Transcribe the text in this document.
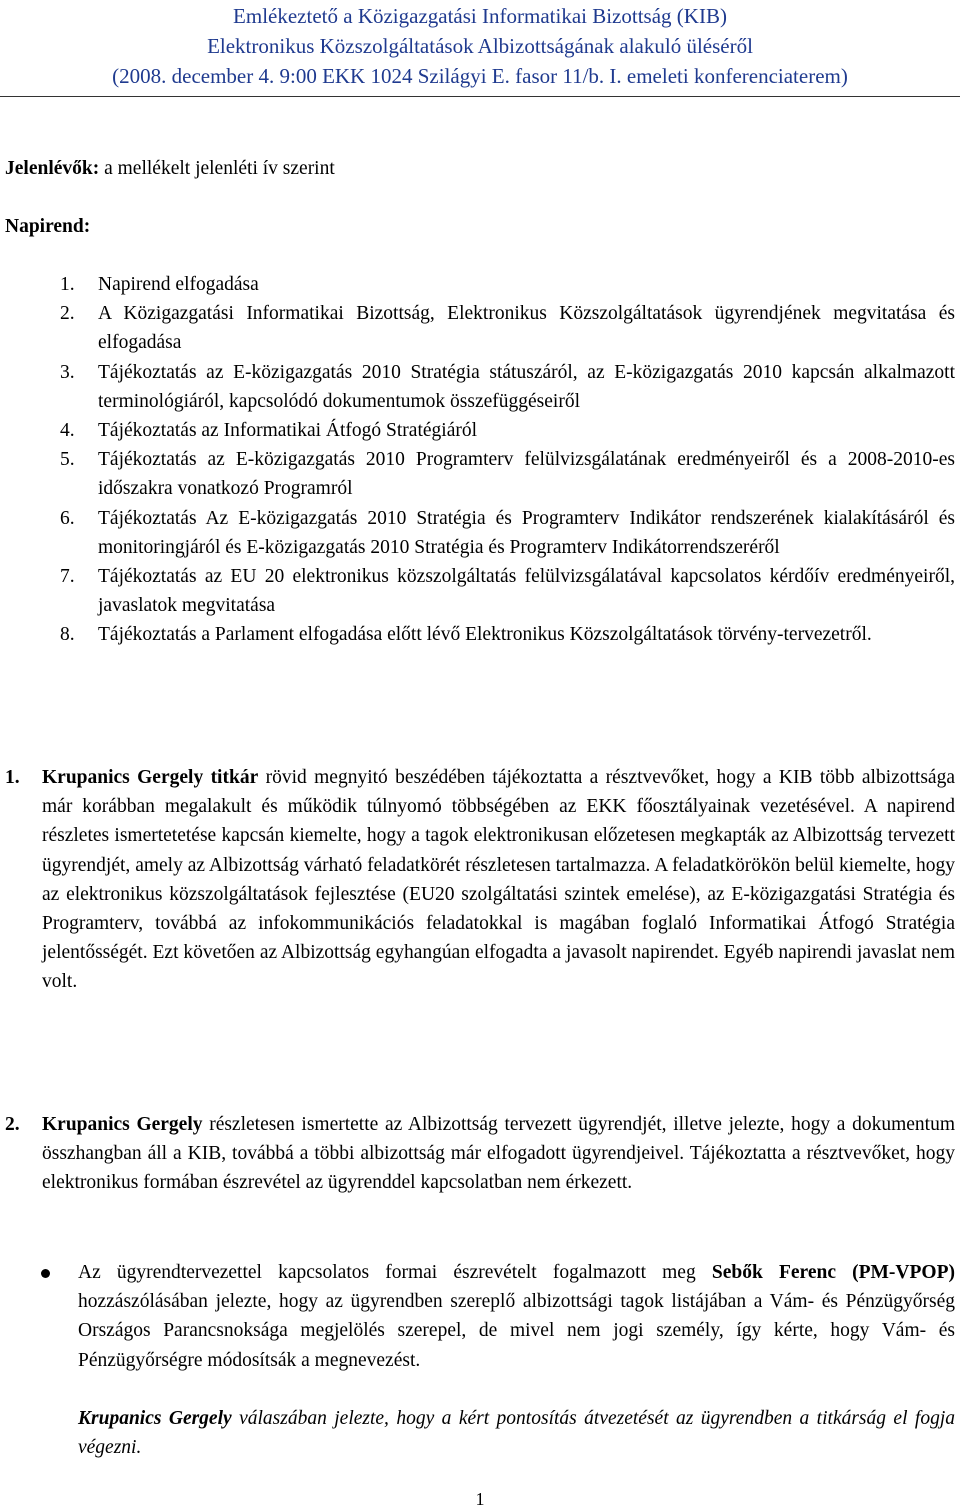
Emlékeztető a Közigazgatási Informatikai Bizottság (KIB)
Elektronikus Közszolgáltatások Albizottságának alakuló üléséről
(2008. december 4. 9:00 EKK 1024 Szilágyi E. fasor 11/b. I. emeleti konferenciaterem)
Jelenlévők: a mellékelt jelenléti ív szerint
Napirend:
1.	Napirend elfogadása
2.	A Közigazgatási Informatikai Bizottság, Elektronikus Közszolgáltatások ügyrendjének megvitatása és elfogadása
3.	Tájékoztatás az E-közigazgatás 2010 Stratégia státuszáról, az E-közigazgatás 2010 kapcsán alkalmazott terminológiáról, kapcsolódó dokumentumok összefüggéseiről
4.	Tájékoztatás az Informatikai Átfogó Stratégiáról
5.	Tájékoztatás az E-közigazgatás 2010 Programterv felülvizsgálatának eredményeiről és a 2008-2010-es időszakra vonatkozó Programról
6.	Tájékoztatás Az E-közigazgatás 2010 Stratégia és Programterv Indikátor rendszerének kialakításáról és monitoringjáról és E-közigazgatás 2010 Stratégia és Programterv Indikátorrendszeréről
7.	Tájékoztatás az EU 20 elektronikus közszolgáltatás felülvizsgálatával kapcsolatos kérdőív eredményeiről, javaslatok megvitatása
8.	Tájékoztatás a Parlament elfogadása előtt lévő Elektronikus Közszolgáltatások törvény-tervezetről.
1.	Krupanics Gergely titkár rövid megnyitó beszédében tájékoztatta a résztvevőket, hogy a KIB több albizottsága már korábban megalakult és működik túlnyomó többségében az EKK főosztályainak vezetésével. A napirend részletes ismertetetése kapcsán kiemelte, hogy a tagok elektronikusan előzetesen megkapták az Albizottság tervezett ügyrendjét, amely az Albizottság várható feladatkörét részletesen tartalmazza. A feladatkörökön belül kiemelte, hogy az elektronikus közszolgáltatások fejlesztése (EU20 szolgáltatási szintek emelése), az E-közigazgatási Stratégia és Programterv, továbbá az infokommunikációs feladatokkal is magában foglaló Informatikai Átfogó Stratégia jelentősségét. Ezt követően az Albizottság egyhangúan elfogadta a javasolt napirendet. Egyéb napirendi javaslat nem volt.
2.	Krupanics Gergely részletesen ismertette az Albizottság tervezett ügyrendjét, illetve jelezte, hogy a dokumentum összhangban áll a KIB, továbbá a többi albizottság már elfogadott ügyrendjeivel. Tájékoztatta a résztvevőket, hogy elektronikus formában észrevétel az ügyrenddel kapcsolatban nem érkezett.
Az ügyrendtervezettel kapcsolatos formai észrevételt fogalmazott meg Sebők Ferenc (PM-VPOP) hozzászólásában jelezte, hogy az ügyrendben szereplő albizottsági tagok listájában a Vám- és Pénzügyőrség Országos Parancsnoksága megjelölés szerepel, de mivel nem jogi személy, így kérte, hogy Vám- és Pénzügyőrségre módosítsák a megnevezést.
Krupanics Gergely válaszában jelezte, hogy a kért pontosítás átvezetését az ügyrendben a titkárság el fogja végezni.
1
